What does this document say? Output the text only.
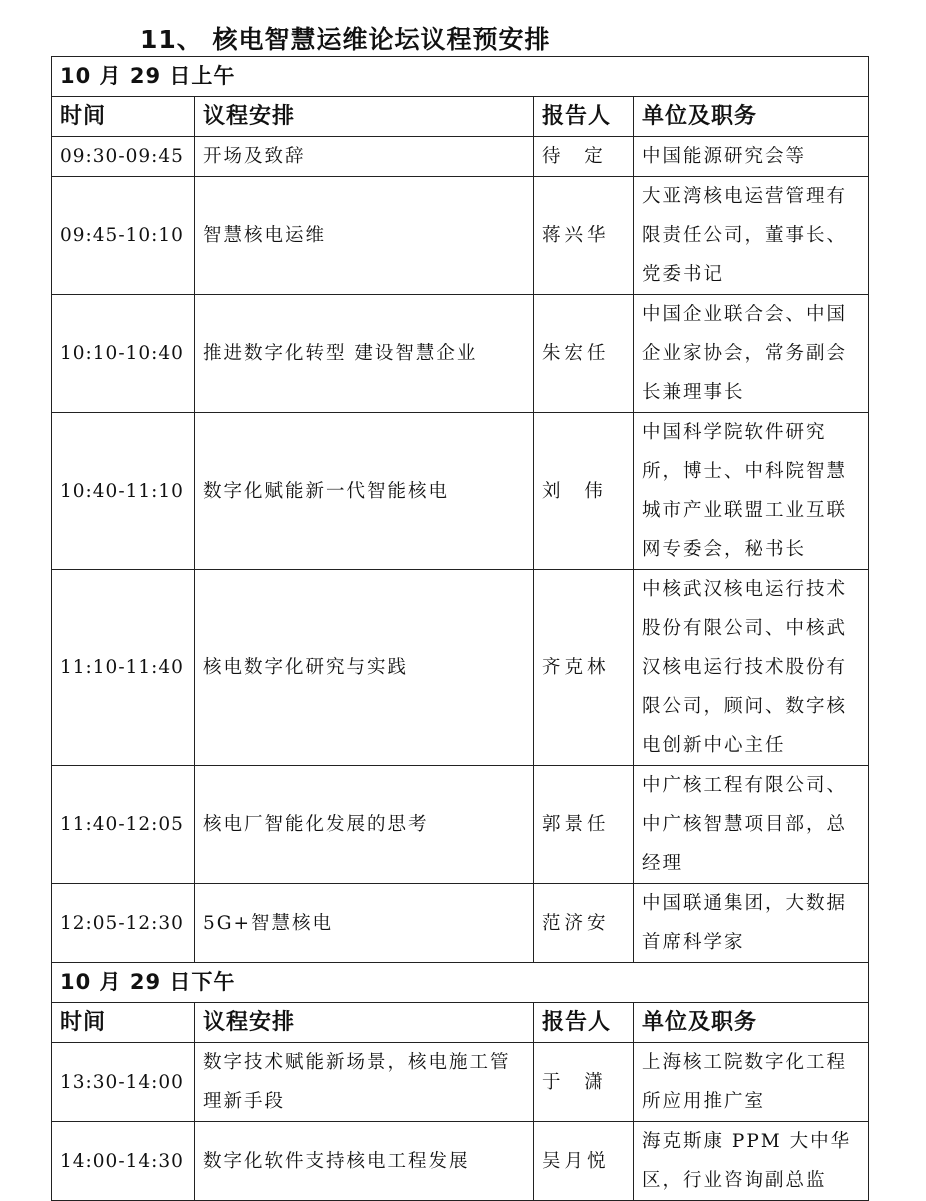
11、 核电智慧运维论坛议程预安排
10 月 29 日上午			
时间	议程安排	报告人	单位及职务
09:30-09:45	开场及致辞	待  定	中国能源研究会等
09:45-10:10	智慧核电运维	蒋兴华	大亚湾核电运营管理有限责任公司，董事长、党委书记
10:10-10:40	推进数字化转型 建设智慧企业	朱宏任	中国企业联合会、中国企业家协会，常务副会长兼理事长
10:40-11:10	数字化赋能新一代智能核电	刘  伟	中国科学院软件研究所，博士、中科院智慧城市产业联盟工业互联网专委会，秘书长
11:10-11:40	核电数字化研究与实践	齐克林	中核武汉核电运行技术股份有限公司、中核武汉核电运行技术股份有限公司，顾问、数字核电创新中心主任
11:40-12:05	核电厂智能化发展的思考	郭景任	中广核工程有限公司、中广核智慧项目部，总经理
12:05-12:30	5G+智慧核电	范济安	中国联通集团，大数据首席科学家
10 月 29 日下午			
时间	议程安排	报告人	单位及职务
13:30-14:00	数字技术赋能新场景，核电施工管理新手段	于  潇	上海核工院数字化工程所应用推广室
14:00-14:30	数字化软件支持核电工程发展	吴月悦	海克斯康 PPM 大中华区，行业咨询副总监
